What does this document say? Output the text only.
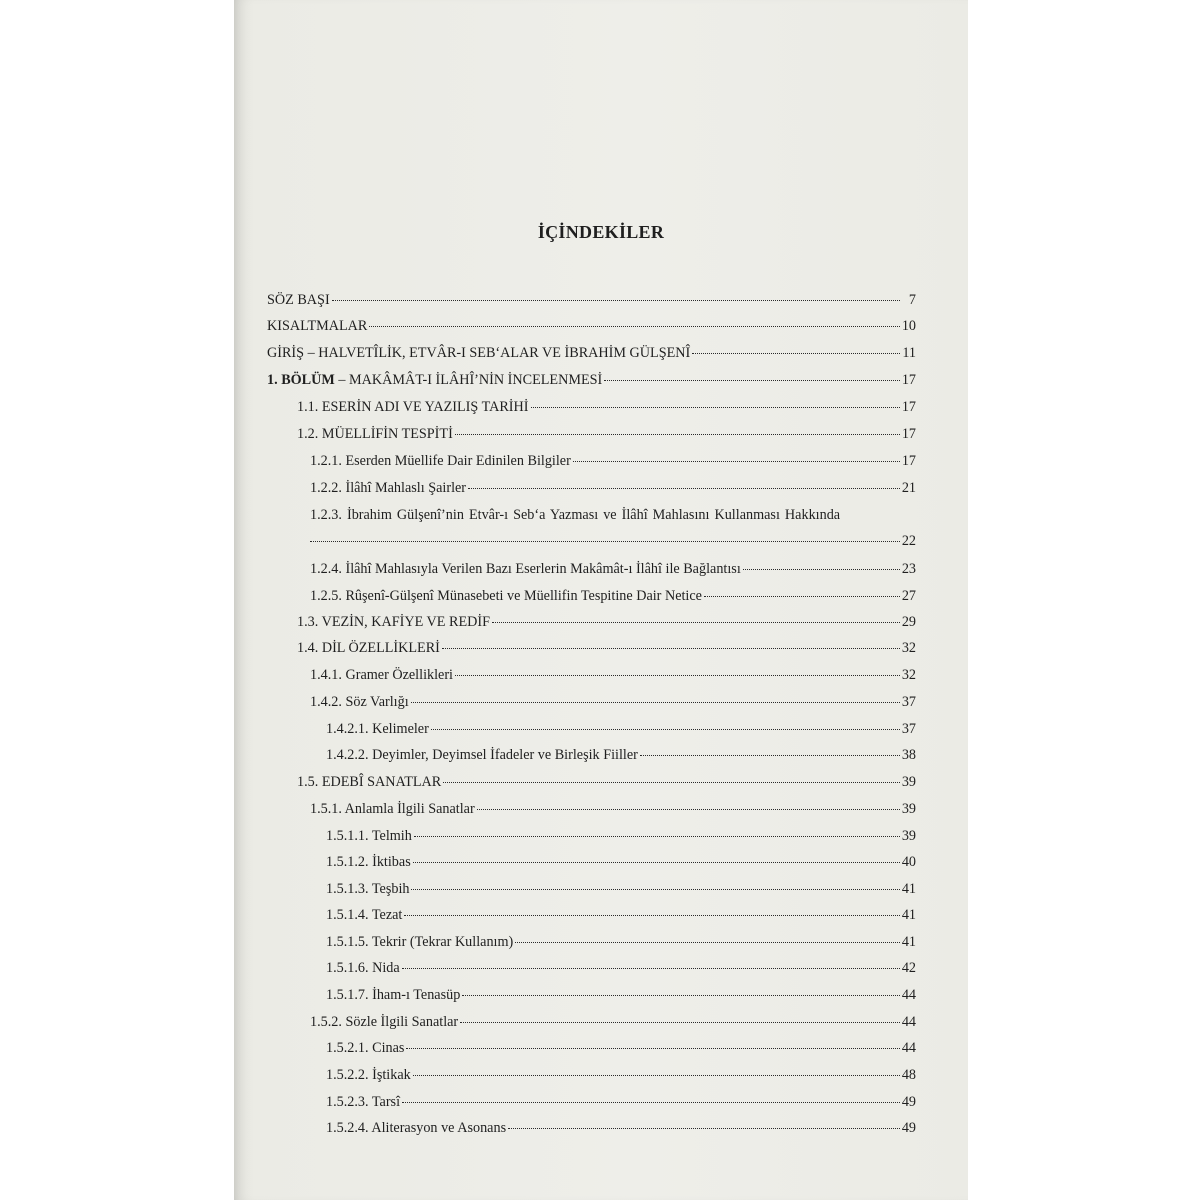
İÇİNDEKİLER
SÖZ BAŞI	7
KISALTMALAR	10
GİRİŞ – HALVETÎLİK, ETVÂR-I SEB‘ALAR VE İBRAHİM GÜLŞENÎ	11
1. BÖLÜM – MAKÂMÂT-I İLÂHÎ’NİN İNCELENMESİ	17
1.1. ESERİN ADI VE YAZILIŞ TARİHİ	17
1.2. MÜELLİFİN TESPİTİ	17
1.2.1. Eserden Müellife Dair Edinilen Bilgiler	17
1.2.2. İlâhî Mahlaslı Şairler	21
1.2.3. İbrahim Gülşenî’nin Etvâr-ı Seb‘a Yazması ve İlâhî Mahlasını Kullanması Hakkında
22
1.2.4. İlâhî Mahlasıyla Verilen Bazı Eserlerin Makâmât-ı İlâhî ile Bağlantısı	23
1.2.5. Rûşenî-Gülşenî Münasebeti ve Müellifin Tespitine Dair Netice	27
1.3. VEZİN, KAFİYE VE REDİF	29
1.4. DİL ÖZELLİKLERİ	32
1.4.1. Gramer Özellikleri	32
1.4.2. Söz Varlığı	37
1.4.2.1. Kelimeler	37
1.4.2.2. Deyimler, Deyimsel İfadeler ve Birleşik Fiiller	38
1.5. EDEBÎ SANATLAR	39
1.5.1. Anlamla İlgili Sanatlar	39
1.5.1.1. Telmih	39
1.5.1.2. İktibas	40
1.5.1.3. Teşbih	41
1.5.1.4. Tezat	41
1.5.1.5. Tekrir (Tekrar Kullanım)	41
1.5.1.6. Nida	42
1.5.1.7. İham-ı Tenasüp	44
1.5.2. Sözle İlgili Sanatlar	44
1.5.2.1. Cinas	44
1.5.2.2. İştikak	48
1.5.2.3. Tarsî	49
1.5.2.4. Aliterasyon ve Asonans	49
